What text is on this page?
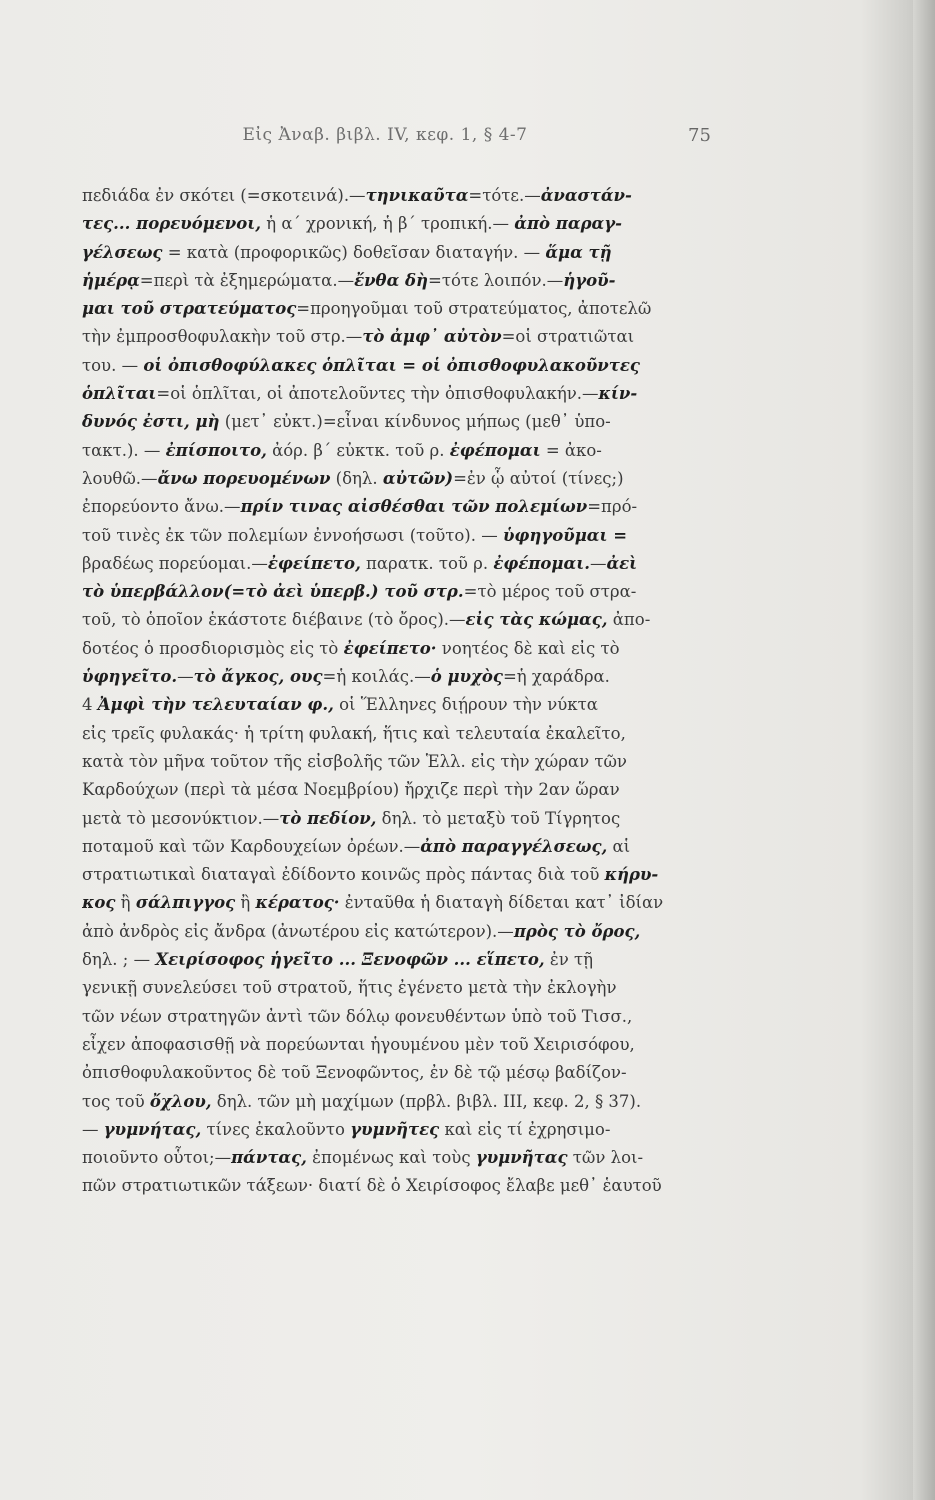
Εἰς Ἀναβ. βιβλ. IV, κεφ. 1, § 4-7	75
πεδιάδα ἐν σκότει (=σκοτεινά).—τηνικαῦτα=τότε.—ἀναστάν-
τες... πορευόμενοι, ἡ α΄ χρονική, ἡ β΄ τροπική.— ἀπὸ παραγ-
γέλσεως = κατὰ (προφορικῶς) δοθεῖσαν διαταγήν. — ἅμα τῇ
ἡμέρᾳ=περὶ τὰ ἐξημερώματα.—ἔνθα δὴ=τότε λοιπόν.—ἡγοῦ-
μαι τοῦ στρατεύματος=προηγοῦμαι τοῦ στρατεύματος, ἀποτελῶ
τὴν ἐμπροσθοφυλακὴν τοῦ στρ.—τὸ ἀμφ᾽ αὐτὸν=οἱ στρατιῶται
του. — οἱ ὀπισθοφύλακες ὁπλῖται = οἱ ὀπισθοφυλακοῦντες
ὁπλῖται=οἱ ὁπλῖται, οἱ ἀποτελοῦντες τὴν ὀπισθοφυλακήν.—κίν-
δυνός ἐστι, μὴ (μετ᾽ εὐκτ.)=εἶναι κίνδυνος μήπως (μεθ᾽ ὑπο-
τακτ.). — ἐπίσποιτο, ἀόρ. β΄ εὐκτκ. τοῦ ρ. ἐφέπομαι = ἀκο-
λουθῶ.—ἄνω πορευομένων (δηλ. αὐτῶν)=ἐν ᾧ αὐτοί (τίνες;)
ἐπορεύοντο ἄνω.—πρίν τινας αἰσθέσθαι τῶν πολεμίων=πρό-
τοῦ τινὲς ἐκ τῶν πολεμίων ἐννοήσωσι (τοῦτο). — ὑφηγοῦμαι =
βραδέως πορεύομαι.—ἐφείπετο, παρατκ. τοῦ ρ. ἐφέπομαι.—ἀεὶ
τὸ ὑπερβάλλον(=τὸ ἀεὶ ὑπερβ.) τοῦ στρ.=τὸ μέρος τοῦ στρα-
τοῦ, τὸ ὁποῖον ἑκάστοτε διέβαινε (τὸ ὄρος).—εἰς τὰς κώμας, ἀπο-
δοτέος ὁ προσδιορισμὸς εἰς τὸ ἐφείπετο· νοητέος δὲ καὶ εἰς τὸ
ὑφηγεῖτο.—τὸ ἄγκος, ους=ἡ κοιλάς.—ὁ μυχὸς=ἡ χαράδρα.
4 Ἀμφὶ τὴν τελευταίαν φ., οἱ Ἕλληνες διῄρουν τὴν νύκτα
εἰς τρεῖς φυλακάς· ἡ τρίτη φυλακή, ἥτις καὶ τελευταία ἐκαλεῖτο,
κατὰ τὸν μῆνα τοῦτον τῆς εἰσβολῆς τῶν Ἑλλ. εἰς τὴν χώραν τῶν
Καρδούχων (περὶ τὰ μέσα Νοεμβρίου) ἤρχιζε περὶ τὴν 2αν ὥραν
μετὰ τὸ μεσονύκτιον.—τὸ πεδίον, δηλ. τὸ μεταξὺ τοῦ Τίγρητος
ποταμοῦ καὶ τῶν Καρδουχείων ὀρέων.—ἀπὸ παραγγέλσεως, αἱ
στρατιωτικαὶ διαταγαὶ ἐδίδοντο κοινῶς πρὸς πάντας διὰ τοῦ κήρυ-
κος ἢ σάλπιγγος ἢ κέρατος· ἐνταῦθα ἡ διαταγὴ δίδεται κατ᾽ ἰδίαν
ἀπὸ ἀνδρὸς εἰς ἄνδρα (ἀνωτέρου εἰς κατώτερον).—πρὸς τὸ ὄρος,
δηλ. ; — Χειρίσοφος ἡγεῖτο ... Ξενοφῶν ... εἵπετο, ἐν τῇ
γενικῇ συνελεύσει τοῦ στρατοῦ, ἥτις ἐγένετο μετὰ τὴν ἐκλογὴν
τῶν νέων στρατηγῶν ἀντὶ τῶν δόλῳ φονευθέντων ὑπὸ τοῦ Τισσ.,
εἶχεν ἀποφασισθῇ νὰ πορεύωνται ἡγουμένου μὲν τοῦ Χειρισόφου,
ὀπισθοφυλακοῦντος δὲ τοῦ Ξενοφῶντος, ἐν δὲ τῷ μέσῳ βαδίζον-
τος τοῦ ὄχλου, δηλ. τῶν μὴ μαχίμων (πρβλ. βιβλ. III, κεφ. 2, § 37).
— γυμνήτας, τίνες ἐκαλοῦντο γυμνῆτες καὶ εἰς τί ἐχρησιμο-
ποιοῦντο οὗτοι;—πάντας, ἐπομένως καὶ τοὺς γυμνῆτας τῶν λοι-
πῶν στρατιωτικῶν τάξεων· διατί δὲ ὁ Χειρίσοφος ἔλαβε μεθ᾽ ἑαυτοῦ
